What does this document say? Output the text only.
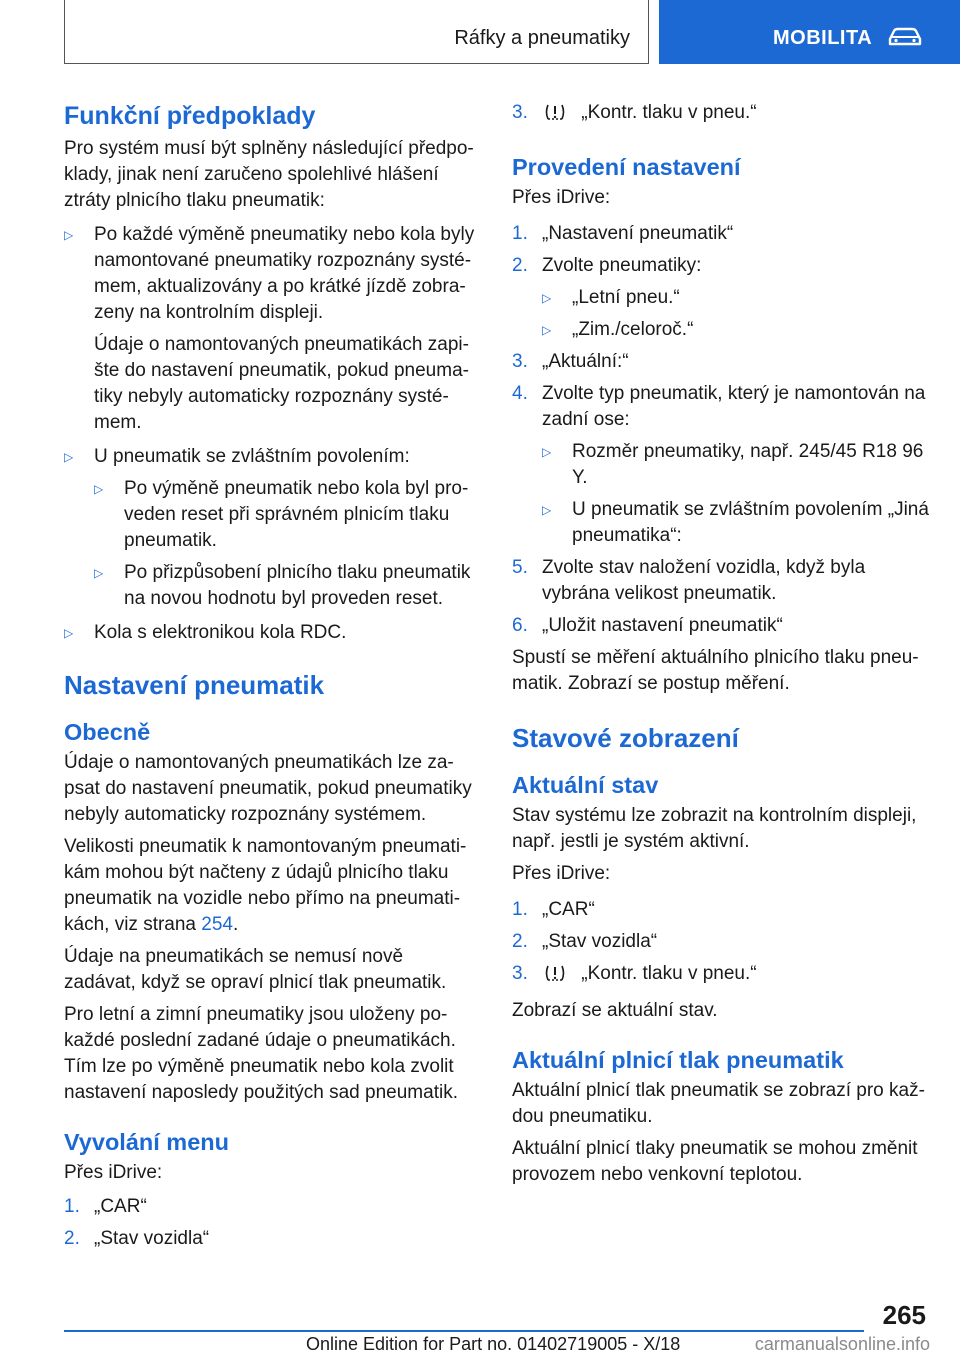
Ráfky a pneumatiky	MOBILITA
Funkční předpoklady

Pro systém musí být splněny následující předpo-klady, jinak není zaručeno spolehlivé hlášení ztráty plnicího tlaku pneumatik:

▷ Po každé výměně pneumatiky nebo kola byly namontované pneumatiky rozpoznány systé-mem, aktualizovány a po krátké jízdě zobra-zeny na kontrolním displeji.

Údaje o namontovaných pneumatikách zapi-šte do nastavení pneumatik, pokud pneuma-tiky nebyly automaticky rozpoznány systé-mem.

▷ U pneumatik se zvláštním povolením:
▷ Po výměně pneumatik nebo kola byl pro-veden reset při správném plnicím tlaku pneumatik.
▷ Po přizpůsobení plnicího tlaku pneumatik na novou hodnotu byl proveden reset.
▷ Kola s elektronikou kola RDC.
Nastavení pneumatik
Obecně

Údaje o namontovaných pneumatikách lze za-psat do nastavení pneumatik, pokud pneumatiky nebyly automaticky rozpoznány systémem.

Velikosti pneumatik k namontovaným pneumati-kám mohou být načteny z údajů plnicího tlaku pneumatik na vozidle nebo přímo na pneumati-kách, viz strana 254.

Údaje na pneumatikách se nemusí nově zadávat, když se opraví plnicí tlak pneumatik.

Pro letní a zimní pneumatiky jsou uloženy po-každé poslední zadané údaje o pneumatikách. Tím lze po výměně pneumatik nebo kola zvolit nastavení naposledy použitých sad pneumatik.

Vyvolání menu

Přes iDrive:

1. „CAR“
2. „Stav vozidla“
3.	„Kontr. tlaku v pneu.“
Provedení nastavení

Přes iDrive:

1. „Nastavení pneumatik“
2. Zvolte pneumatiky:
▷ „Letní pneu.“
▷ „Zim./celoroč.“
3. „Aktuální:“
4. Zvolte typ pneumatik, který je namontován na zadní ose:
▷ Rozměr pneumatiky, např. 245/45 R18 96 Y.
▷ U pneumatik se zvláštním povolením „Jiná pneumatika“:
5. Zvolte stav naložení vozidla, když byla vybrána velikost pneumatik.
6. „Uložit nastavení pneumatik“

Spustí se měření aktuálního plnicího tlaku pneu-matik. Zobrazí se postup měření.

Stavové zobrazení
Aktuální stav

Stav systému lze zobrazit na kontrolním displeji, např. jestli je systém aktivní.

Přes iDrive:

1. „CAR“
2. „Stav vozidla“
3.	„Kontr. tlaku v pneu.“

Zobrazí se aktuální stav.

Aktuální plnicí tlak pneumatik

Aktuální plnicí tlak pneumatik se zobrazí pro kaž-dou pneumatiku.

Aktuální plnicí tlaky pneumatik se mohou změnit provozem nebo venkovní teplotou.

265
Online Edition for Part no. 01402719005 - X/18	carmanualsonline.info
